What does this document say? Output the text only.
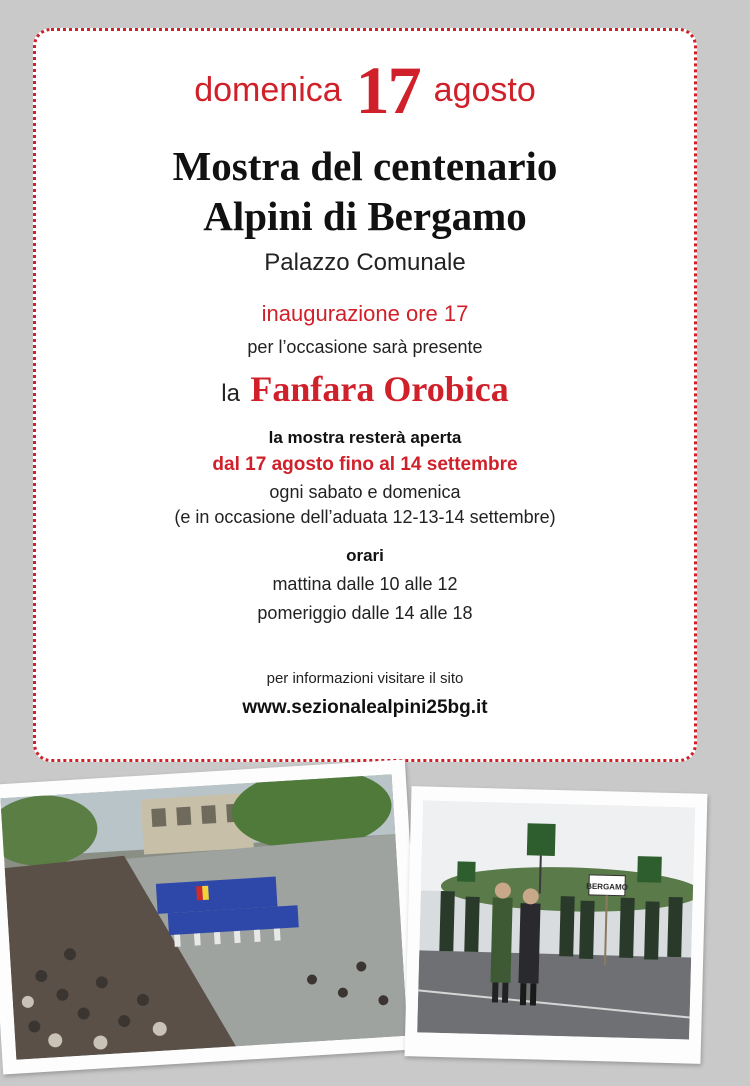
domenica 17 agosto
Mostra del centenario
Alpini di Bergamo
Palazzo Comunale
inaugurazione ore 17
per l’occasione sarà presente
la Fanfara Orobica
la mostra resterà aperta
dal 17 agosto fino al 14 settembre
ogni sabato e domenica
(e in occasione dell’aduata 12-13-14 settembre)
orari
mattina dalle 10 alle 12
pomeriggio dalle 14 alle 18
per informazioni visitare il sito
www.sezionalealpini25bg.it
BERGAMO
